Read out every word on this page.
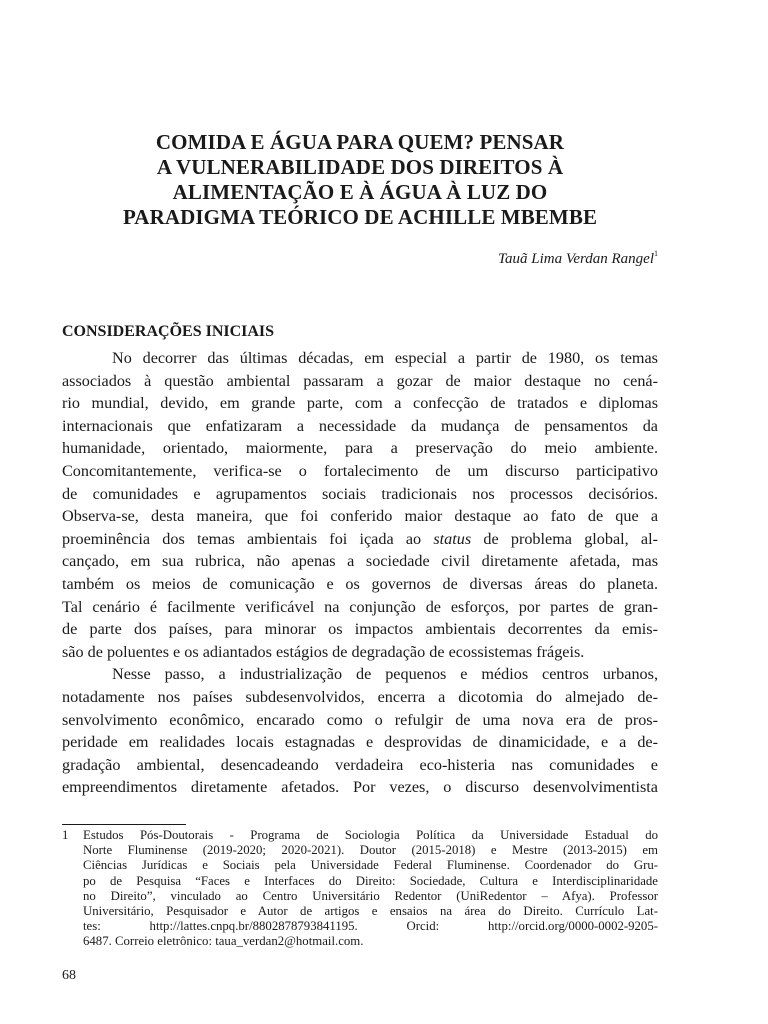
COMIDA E ÁGUA PARA QUEM? PENSAR
A VULNERABILIDADE DOS DIREITOS À
ALIMENTAÇÃO E À ÁGUA À LUZ DO
PARADIGMA TEÓRICO DE ACHILLE MBEMBE
Tauã Lima Verdan Rangel$^1$
CONSIDERAÇÕES INICIAIS
No decorrer das últimas décadas, em especial a partir de 1980, os temas
associados à questão ambiental passaram a gozar de maior destaque no cená-
rio mundial, devido, em grande parte, com a confecção de tratados e diplomas
internacionais que enfatizaram a necessidade da mudança de pensamentos da
humanidade, orientado, maiormente, para a preservação do meio ambiente.
Concomitantemente, verifica-se o fortalecimento de um discurso participativo
de comunidades e agrupamentos sociais tradicionais nos processos decisórios.
Observa-se, desta maneira, que foi conferido maior destaque ao fato de que a
proeminência dos temas ambientais foi içada ao status de problema global, al-
cançado, em sua rubrica, não apenas a sociedade civil diretamente afetada, mas
também os meios de comunicação e os governos de diversas áreas do planeta.
Tal cenário é facilmente verificável na conjunção de esforços, por partes de gran-
de parte dos países, para minorar os impactos ambientais decorrentes da emis-
são de poluentes e os adiantados estágios de degradação de ecossistemas frágeis.
Nesse passo, a industrialização de pequenos e médios centros urbanos,
notadamente nos países subdesenvolvidos, encerra a dicotomia do almejado de-
senvolvimento econômico, encarado como o refulgir de uma nova era de pros-
peridade em realidades locais estagnadas e desprovidas de dinamicidade, e a de-
gradação ambiental, desencadeando verdadeira eco-histeria nas comunidades e
empreendimentos diretamente afetados. Por vezes, o discurso desenvolvimentista
1 Estudos Pós-Doutorais - Programa de Sociologia Política da Universidade Estadual do
Norte Fluminense (2019-2020; 2020-2021). Doutor (2015-2018) e Mestre (2013-2015) em
Ciências Jurídicas e Sociais pela Universidade Federal Fluminense. Coordenador do Gru-
po de Pesquisa “Faces e Interfaces do Direito: Sociedade, Cultura e Interdisciplinaridade
no Direito”, vinculado ao Centro Universitário Redentor (UniRedentor – Afya). Professor
Universitário, Pesquisador e Autor de artigos e ensaios na área do Direito. Currículo Lat-
tes: http://lattes.cnpq.br/8802878793841195. Orcid: http://orcid.org/0000-0002-9205-
6487. Correio eletrônico: taua_verdan2@hotmail.com.
68
